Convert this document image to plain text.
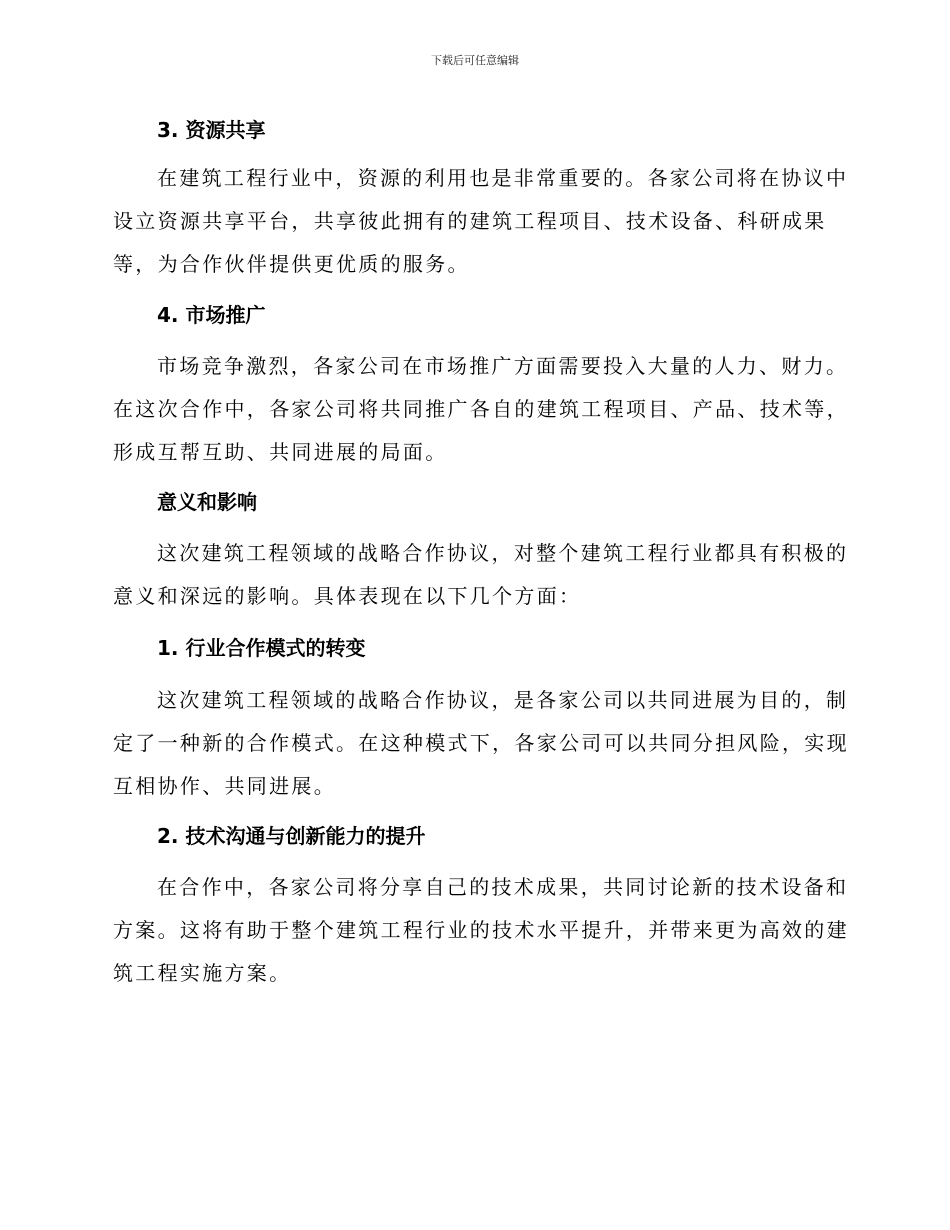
下载后可任意编辑
3. 资源共享
在建筑工程行业中，资源的利用也是非常重要的。各家公司将在协议中
设立资源共享平台，共享彼此拥有的建筑工程项目、技术设备、科研成果
等，为合作伙伴提供更优质的服务。
4. 市场推广
市场竞争激烈，各家公司在市场推广方面需要投入大量的人力、财力。
在这次合作中，各家公司将共同推广各自的建筑工程项目、产品、技术等，
形成互帮互助、共同进展的局面。
意义和影响
这次建筑工程领域的战略合作协议，对整个建筑工程行业都具有积极的
意义和深远的影响。具体表现在以下几个方面：
1. 行业合作模式的转变
这次建筑工程领域的战略合作协议，是各家公司以共同进展为目的，制
定了一种新的合作模式。在这种模式下，各家公司可以共同分担风险，实现
互相协作、共同进展。
2. 技术沟通与创新能力的提升
在合作中，各家公司将分享自己的技术成果，共同讨论新的技术设备和
方案。这将有助于整个建筑工程行业的技术水平提升，并带来更为高效的建
筑工程实施方案。
